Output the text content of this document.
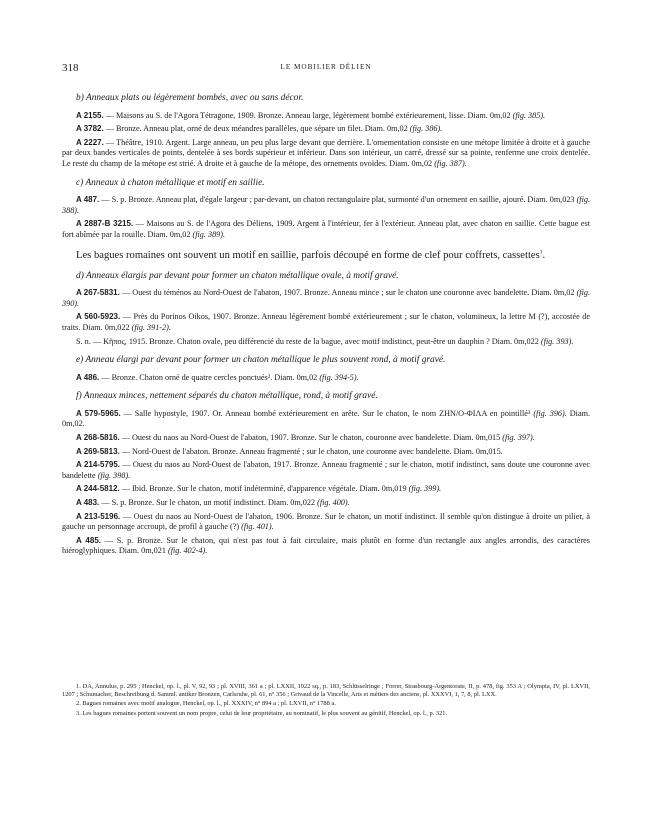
318	LE MOBILIER DÉLIEN

b) Anneaux plats ou légèrement bombés, avec ou sans décor.

A 2155. — Maisons au S. de l'Agora Tétragone, 1909. Bronze. Anneau large, légèrement bombé extérieurement, lisse. Diam. 0m,02 (fig. 385).

A 3782. — Bronze. Anneau plat, orné de deux méandres parallèles, que sépare un filet. Diam. 0m,02 (fig. 386).

A 2227. — Théâtre, 1910. Argent. Large anneau, un peu plus large devant que derrière. L'ornementation consiste en une métope limitée à droite et à gauche par deux bandes verticales de points, dentelée à ses bords supérieur et inférieur. Dans son intérieur, un carré, dressé sur sa pointe, renferme une croix dentelée. Le reste du champ de la métope est strié. A droite et à gauche de la métope, des ornements ovoïdes. Diam. 0m,02 (fig. 387).

c) Anneaux à chaton métallique et motif en saillie.

A 487. — S. p. Bronze. Anneau plat, d'égale largeur ; par-devant, un chaton rectangulaire plat, surmonté d'un ornement en saillie, ajouré. Diam. 0m,023 (fig. 388).

A 2887-B 3215. — Maisons au S. de l'Agora des Déliens, 1909. Argent à l'intérieur, fer à l'extérieur. Anneau plat, avec chaton en saillie. Cette bague est fort abîmée par la rouille. Diam. 0m,02 (fig. 389).

Les bagues romaines ont souvent un motif en saillie, parfois découpé en forme de clef pour coffrets, cassettes$^1$.

d) Anneaux élargis par devant pour former un chaton métallique ovale, à motif gravé.

A 267-5831. — Ouest du téménos au Nord-Ouest de l'abaton, 1907. Bronze. Anneau mince ; sur le chaton une couronne avec bandelette. Diam. 0m,02 (fig. 390).

A 560-5923. — Près du Porinos Oikos, 1907. Bronze. Anneau légèrement bombé extérieurement ; sur le chaton, volumineux, la lettre M (?), accostée de traits. Diam. 0m,022 (fig. 391-2).

S. n. — Κῆπος, 1915. Bronze. Chaton ovale, peu différencié du reste de la bague, avec motif indistinct, peut-être un dauphin ? Diam. 0m,022 (fig. 393).

e) Anneau élargi par devant pour former un chaton métallique le plus souvent rond, à motif gravé.

A 486. — Bronze. Chaton orné de quatre cercles ponctués². Diam. 0m,02 (fig. 394-5).

f) Anneaux minces, nettement séparés du chaton métallique, rond, à motif gravé.

A 579-5965. — Salle hypostyle, 1907. Or. Anneau bombé extérieurement en arête. Sur le chaton, le nom ZHN/O-ΦIΛA en pointillé³ (fig. 396). Diam. 0m,02.

A 268-5816. — Ouest du naos au Nord-Ouest de l'abaton, 1907. Bronze. Sur le chaton, couronne avec bandelette. Diam. 0m,015 (fig. 397).

A 269-5813. — Nord-Ouest de l'abaton. Bronze. Anneau fragmenté ; sur le chaton, une couronne avec bandelette. Diam. 0m,015.

A 214-5795. — Ouest du naos au Nord-Ouest de l'abaton, 1917. Bronze. Anneau fragmenté ; sur le chaton, motif indistinct, sans doute une couronne avec bandelette (fig. 398).

A 244-5812. — Ibid. Bronze. Sur le chaton, motif indéterminé, d'apparence végétale. Diam. 0m,019 (fig. 399).

A 483. — S. p. Bronze. Sur le chaton, un motif indistinct. Diam. 0m,022 (fig. 400).

A 213-5196. — Ouest du naos au Nord-Ouest de l'abaton, 1906. Bronze. Sur le chaton, un motif indistinct. Il semble qu'on distingue à droite un pilier, à gauche un personnage accroupi, de profil à gauche (?) (fig. 401).

A 485. — S. p. Bronze. Sur le chaton, qui n'est pas tout à fait circulaire, mais plutôt en forme d'un rectangle aux angles arrondis, des caractères hiéroglyphiques. Diam. 0m,021 (fig. 402-4).

1. DA, Annulus, p. 295 ; Henckel, op. l., pl. V, 92, 93 ; pl. XVIII, 361 a ; pl. LXXII, 1922 sq., p. 183, Schlüsselringe ; Forrer, Strasbourg-Argentorate, II, p. 478, fig. 353 A ; Olympia, IV, pl. LXVII, 1207 ; Schumacher, Beschreibung d. Samml. antiker Bronzen, Carlsruhe, pl. 61, n° 356 ; Grivaud de la Vincelle, Arts et métiers des anciens, pl. XXXVI, 1, 7, 8, pl. LXX.

2. Bagues romaines avec motif analogue, Henckel, op. l., pl. XXXIV, n° 894 a ; pl. LXVII, n° 1788 a.

3. Les bagues romaines portent souvent un nom propre, celui de leur propriétaire, au nominatif, le plus souvent au génitif, Henckel, op. l., p. 321.
